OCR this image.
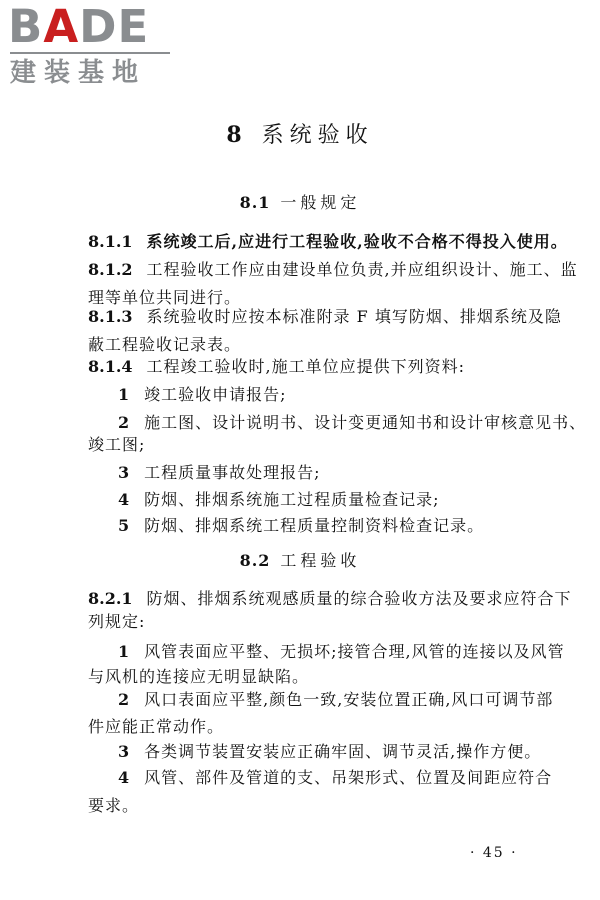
BADE
建装基地
8 系统验收
8.1 一般规定
8.1.1 系统竣工后,应进行工程验收,验收不合格不得投入使用。
8.1.2 工程验收工作应由建设单位负责,并应组织设计、施工、监
理等单位共同进行。
8.1.3 系统验收时应按本标准附录 F 填写防烟、排烟系统及隐
蔽工程验收记录表。
8.1.4 工程竣工验收时,施工单位应提供下列资料:
1 竣工验收申请报告;
2 施工图、设计说明书、设计变更通知书和设计审核意见书、
竣工图;
3 工程质量事故处理报告;
4 防烟、排烟系统施工过程质量检查记录;
5 防烟、排烟系统工程质量控制资料检查记录。
8.2 工程验收
8.2.1 防烟、排烟系统观感质量的综合验收方法及要求应符合下
列规定:
1 风管表面应平整、无损坏;接管合理,风管的连接以及风管
与风机的连接应无明显缺陷。
2 风口表面应平整,颜色一致,安装位置正确,风口可调节部
件应能正常动作。
3 各类调节装置安装应正确牢固、调节灵活,操作方便。
4 风管、部件及管道的支、吊架形式、位置及间距应符合
要求。
· 45 ·
